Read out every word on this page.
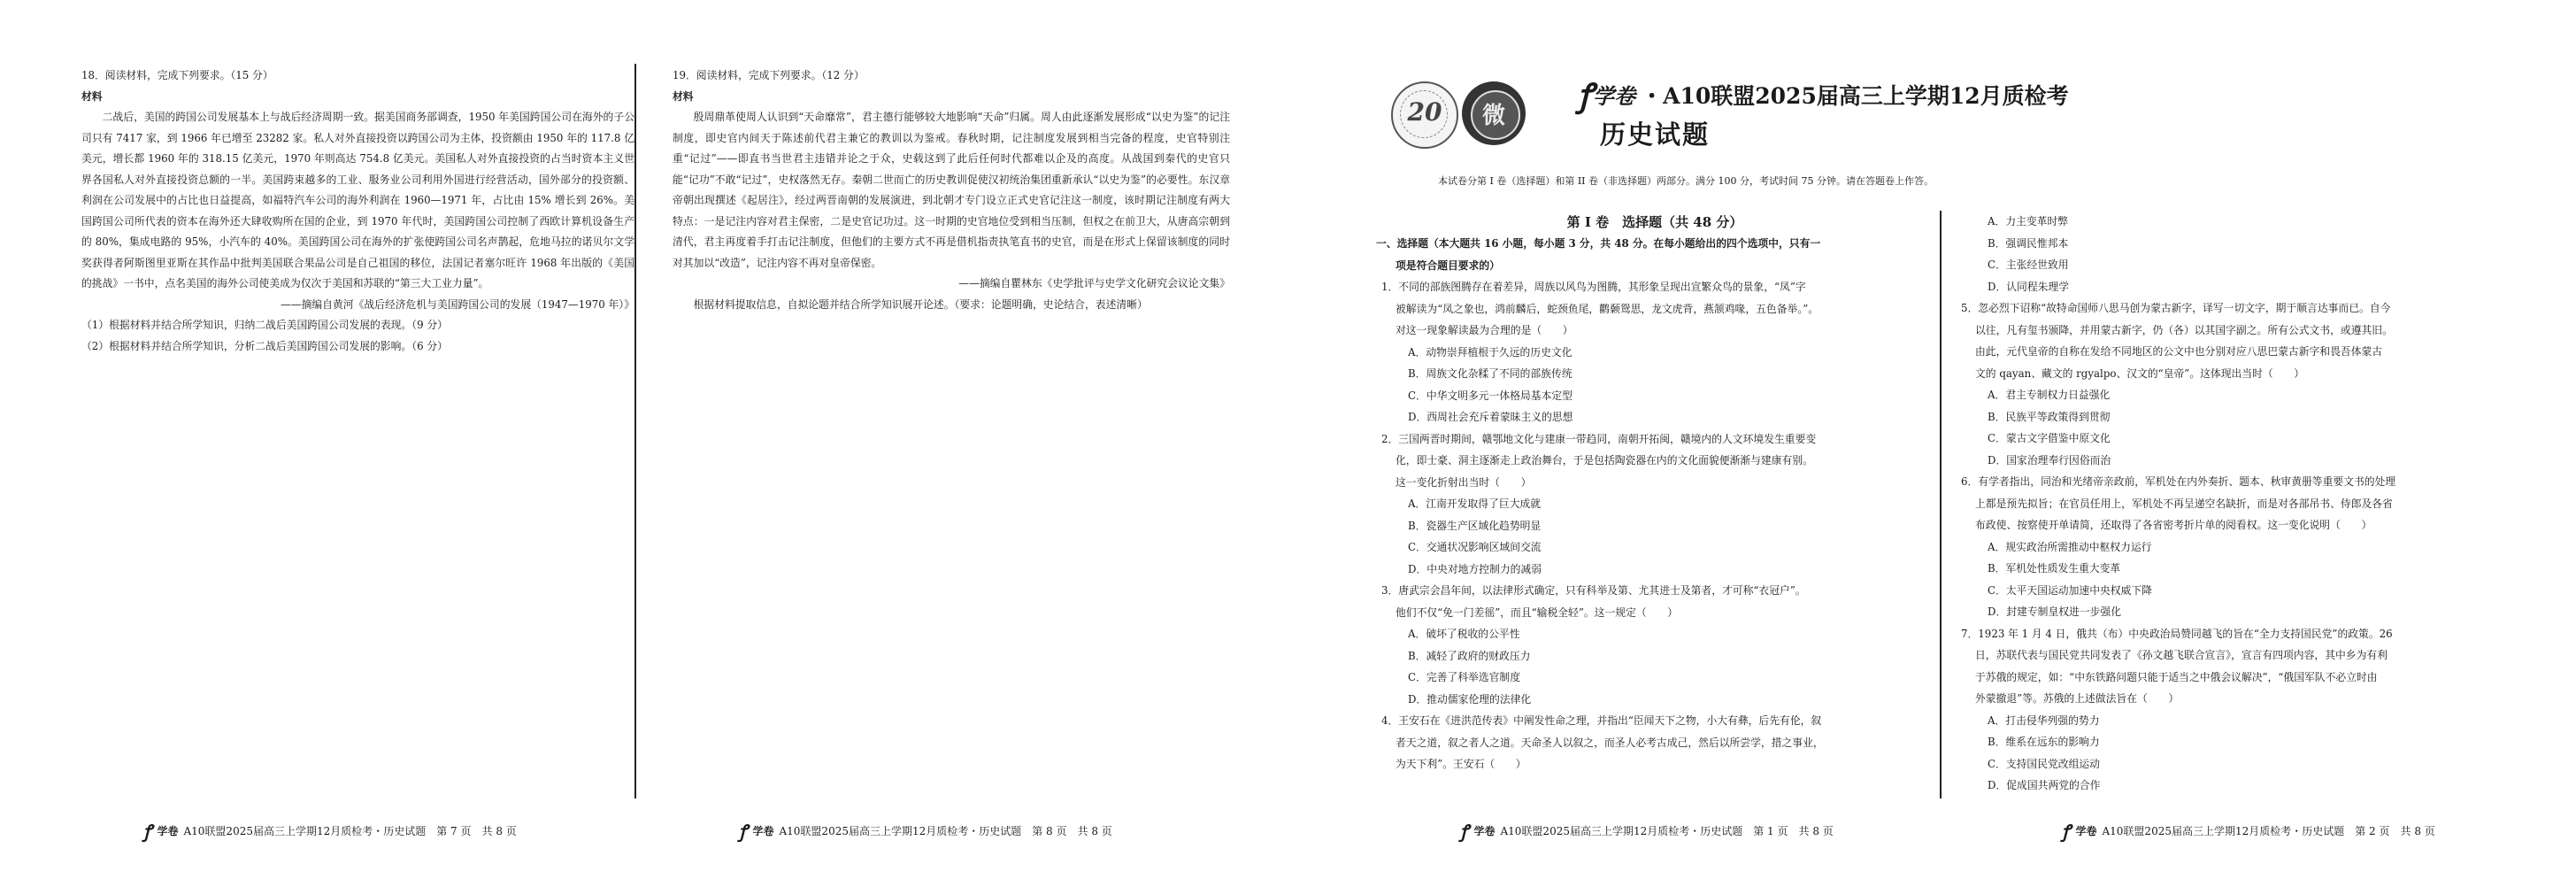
18．阅读材料，完成下列要求。（15 分）
材料
二战后，美国的跨国公司发展基本上与战后经济周期一致。据美国商务部调查，1950 年美国跨国公司在海外的子公司只有 7417 家，到 1966 年已增至 23282 家。私人对外直接投资以跨国公司为主体，投资额由 1950 年的 117.8 亿美元，增长都 1960 年的 318.15 亿美元，1970 年则高达 754.8 亿美元。美国私人对外直接投资的占当时资本主义世界各国私人对外直接投资总额的一半。美国跨束越多的工业、服务业公司利用外国进行经营活动，国外部分的投资额、利润在公司发展中的占比也日益提高，如福特汽车公司的海外利润在 1960—1971 年，占比由 15% 增长到 26%。美国跨国公司所代表的资本在海外还大肆收购所在国的企业，到 1970 年代时，美国跨国公司控制了西欧计算机设备生产的 80%，集成电路的 95%，小汽车的 40%。美国跨国公司在海外的扩张使跨国公司名声鹊起，危地马拉的诺贝尔文学奖获得者阿斯图里亚斯在其作品中批判美国联合果品公司是自己祖国的移位，法国记者塞尔旺许 1968 年出版的《美国的挑战》一书中，点名美国的海外公司使美成为仅次于美国和苏联的“第三大工业力量”。
——摘编自黄河《战后经济危机与美国跨国公司的发展（1947—1970 年）》
（1）根据材料并结合所学知识，归纳二战后美国跨国公司发展的表现。（9 分）
（2）根据材料并结合所学知识，分析二战后美国跨国公司发展的影响。（6 分）
ꝭ 学卷 A10联盟2025届高三上学期12月质检考・历史试题　第 7 页　共 8 页
19．阅读材料，完成下列要求。（12 分）
材料
殷周鼎革使周人认识到“天命靡常”，君主德行能够较大地影响“天命”归属。周人由此逐渐发展形成“以史为鉴”的记注制度，即史官内间天于陈述前代君主兼它的教训以为鉴戒。春秋时期，记注制度发展到相当完备的程度，史官特别注重“记过”——即直书当世君主违错并论之于众，史载这到了此后任何时代都难以企及的高度。从战国到秦代的史官只能“记功”不敢“记过”，史权落然无存。秦朝二世而亡的历史教训促使汉初统治集团重新承认“以史为鉴”的必要性。东汉章帝朝出现撰述《起居注》，经过两晋南朝的发展演进，到北朝才专门设立正式史官记注这一制度，该时期记注制度有两大特点：一是记注内容对君主保密，二是史官记功过。这一时期的史官地位受到相当压制，但权之在前卫大，从唐高宗朝到清代，君主再度着手打击记注制度，但他们的主要方式不再是借机指责执笔直书的史官，而是在形式上保留该制度的同时对其加以“改造”，记注内容不再对皇帝保密。
——摘编自瞿林东《史学批评与史学文化研究会议论文集》
根据材料提取信息，自拟论题并结合所学知识展开论述。（要求：论题明确，史论结合，表述清晰）
ꝭ 学卷 A10联盟2025届高三上学期12月质检考・历史试题　第 8 页　共 8 页
20	微
ꝭ 学卷 ・A10联盟2025届高三上学期12月质检考
历史试题
本试卷分第 I 卷（选择题）和第 II 卷（非选择题）两部分。满分 100 分，考试时间 75 分钟。请在答题卷上作答。
第 I 卷　选择题（共 48 分）
一、选择题（本大题共 16 小题，每小题 3 分，共 48 分。在每小题给出的四个选项中，只有一
项是符合题目要求的）
1．不同的部族图腾存在着差异，周族以风鸟为图腾，其形象呈现出宣繁众鸟的景象，“凤”字
被解读为“凤之象也，鸿前麟后，蛇颈鱼尾，鹳颡鸳思，龙文虎背，燕颔鸡喙，五色备举。”。
对这一现象解读最为合理的是（　　）
A．动物崇拜植根于久远的历史文化
B．周族文化杂糅了不同的部族传统
C．中华文明多元一体格局基本定型
D．西周社会充斥着蒙昧主义的思想
2．三国两晋时期间，赣鄂地文化与建康一带趋同，南朝开拓闽，赣境内的人文环境发生重要变
化，即士豪、洞主逐渐走上政治舞台，于是包括陶瓷器在内的文化面貌便渐渐与建康有别。
这一变化折射出当时（　　）
A．江南开发取得了巨大成就
B．瓷器生产区域化趋势明显
C．交通状况影响区域间交流
D．中央对地方控制力的减弱
3．唐武宗会昌年间，以法律形式确定，只有科举及第、尤其进士及第者，才可称“衣冠户”。
他们不仅“免一门差徭”，而且“输税全轻”。这一规定（　　）
A．破坏了税收的公平性
B．减轻了政府的财政压力
C．完善了科举选官制度
D．推动儒家伦理的法律化
4．王安石在《进洪范传表》中阐发性命之理，并指出“臣闻天下之物，小大有彝，后先有伦，叙
者天之道，叙之者人之道。天命圣人以叙之，而圣人必考古成己，然后以所尝学，措之事业，
为天下利”。王安石（　　）
ꝭ 学卷 A10联盟2025届高三上学期12月质检考・历史试题　第 1 页　共 8 页
A．力主变革时弊
B．强调民惟邦本
C．主张经世致用
D．认同程朱理学
5．忽必烈下诏称“故特命国师八思马创为蒙古新字，译写一切文字，期于顺言达事而已。自今
以往，凡有玺书颁降，并用蒙古新字，仍（各）以其国字副之。所有公式文书，或遵其旧。
由此，元代皇帝的自称在发给不同地区的公文中也分别对应八思巴蒙古新字和畏吾体蒙古
文的 qayan、藏文的 rgyalpo、汉文的“皇帝”。这体现出当时（　　）
A．君主专制权力日益强化
B．民族平等政策得到贯彻
C．蒙古文字借鉴中原文化
D．国家治理奉行因俗而治
6．有学者指出，同治和光绪帝亲政前，军机处在内外奏折、题本、秋审黄册等重要文书的处理
上都是预先拟旨；在官员任用上，军机处不再呈递空名缺折，而是对各部吊书、侍郎及各省
布政使、按察使开单请简，还取得了各省密考折片单的阅看权。这一变化说明（　　）
A．规实政治所需推动中枢权力运行
B．军机处性质发生重大变革
C．太平天国运动加速中央权威下降
D．封建专制皇权进一步强化
7．1923 年 1 月 4 日，俄共（布）中央政治局赞同越飞的旨在“全力支持国民党”的政策。26
日，苏联代表与国民党共同发表了《孙文越飞联合宣言》，宣言有四项内容，其中乡为有利
于苏俄的规定，如：“中东铁路问题只能于适当之中俄会议解决”，“俄国军队不必立时由
外蒙撤退”等。苏俄的上述做法旨在（　　）
A．打击侵华列强的势力
B．维系在远东的影响力
C．支持国民党改组运动
D．促成国共两党的合作
ꝭ 学卷 A10联盟2025届高三上学期12月质检考・历史试题　第 2 页　共 8 页
